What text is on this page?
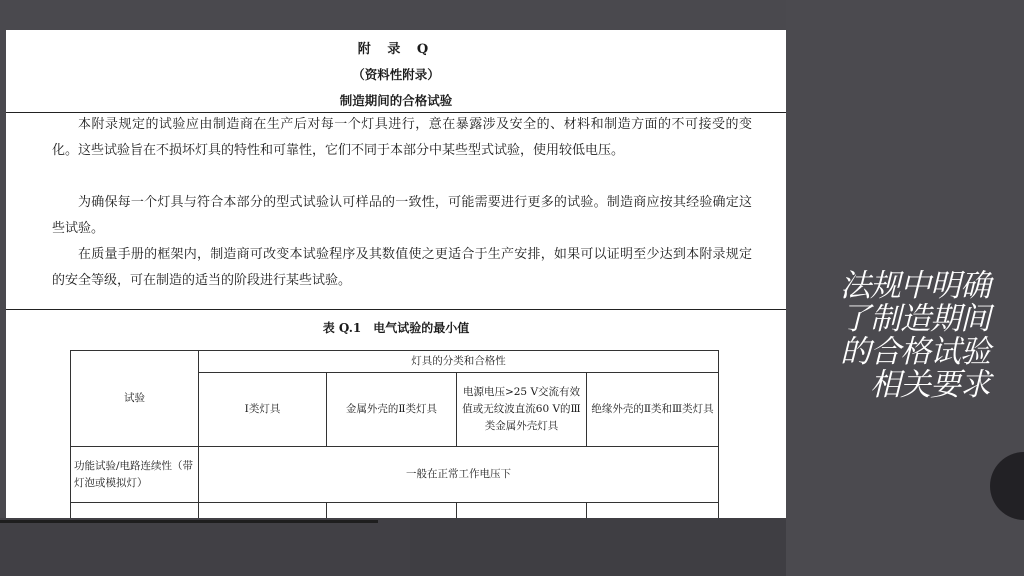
附 录 Q
（资料性附录）
制造期间的合格试验
本附录规定的试验应由制造商在生产后对每一个灯具进行，意在暴露涉及安全的、材料和制造方面的不可接受的变化。这些试验旨在不损坏灯具的特性和可靠性，它们不同于本部分中某些型式试验，使用较低电压。
为确保每一个灯具与符合本部分的型式试验认可样品的一致性，可能需要进行更多的试验。制造商应按其经验确定这些试验。
在质量手册的框架内，制造商可改变本试验程序及其数值使之更适合于生产安排，如果可以证明至少达到本附录规定的安全等级，可在制造的适当的阶段进行某些试验。
表 Q.1　电气试验的最小值
试验	灯具的分类和合格性			
	Ⅰ类灯具	金属外壳的Ⅱ类灯具	电源电压>25 V交流有效值或无纹波直流60 V的Ⅲ类金属外壳灯具	绝缘外壳的Ⅱ类和Ⅲ类灯具
功能试验/电路连续性（带灯泡或模拟灯）	一般在正常工作电压下			

法规中明确
了制造期间
的合格试验
相关要求
